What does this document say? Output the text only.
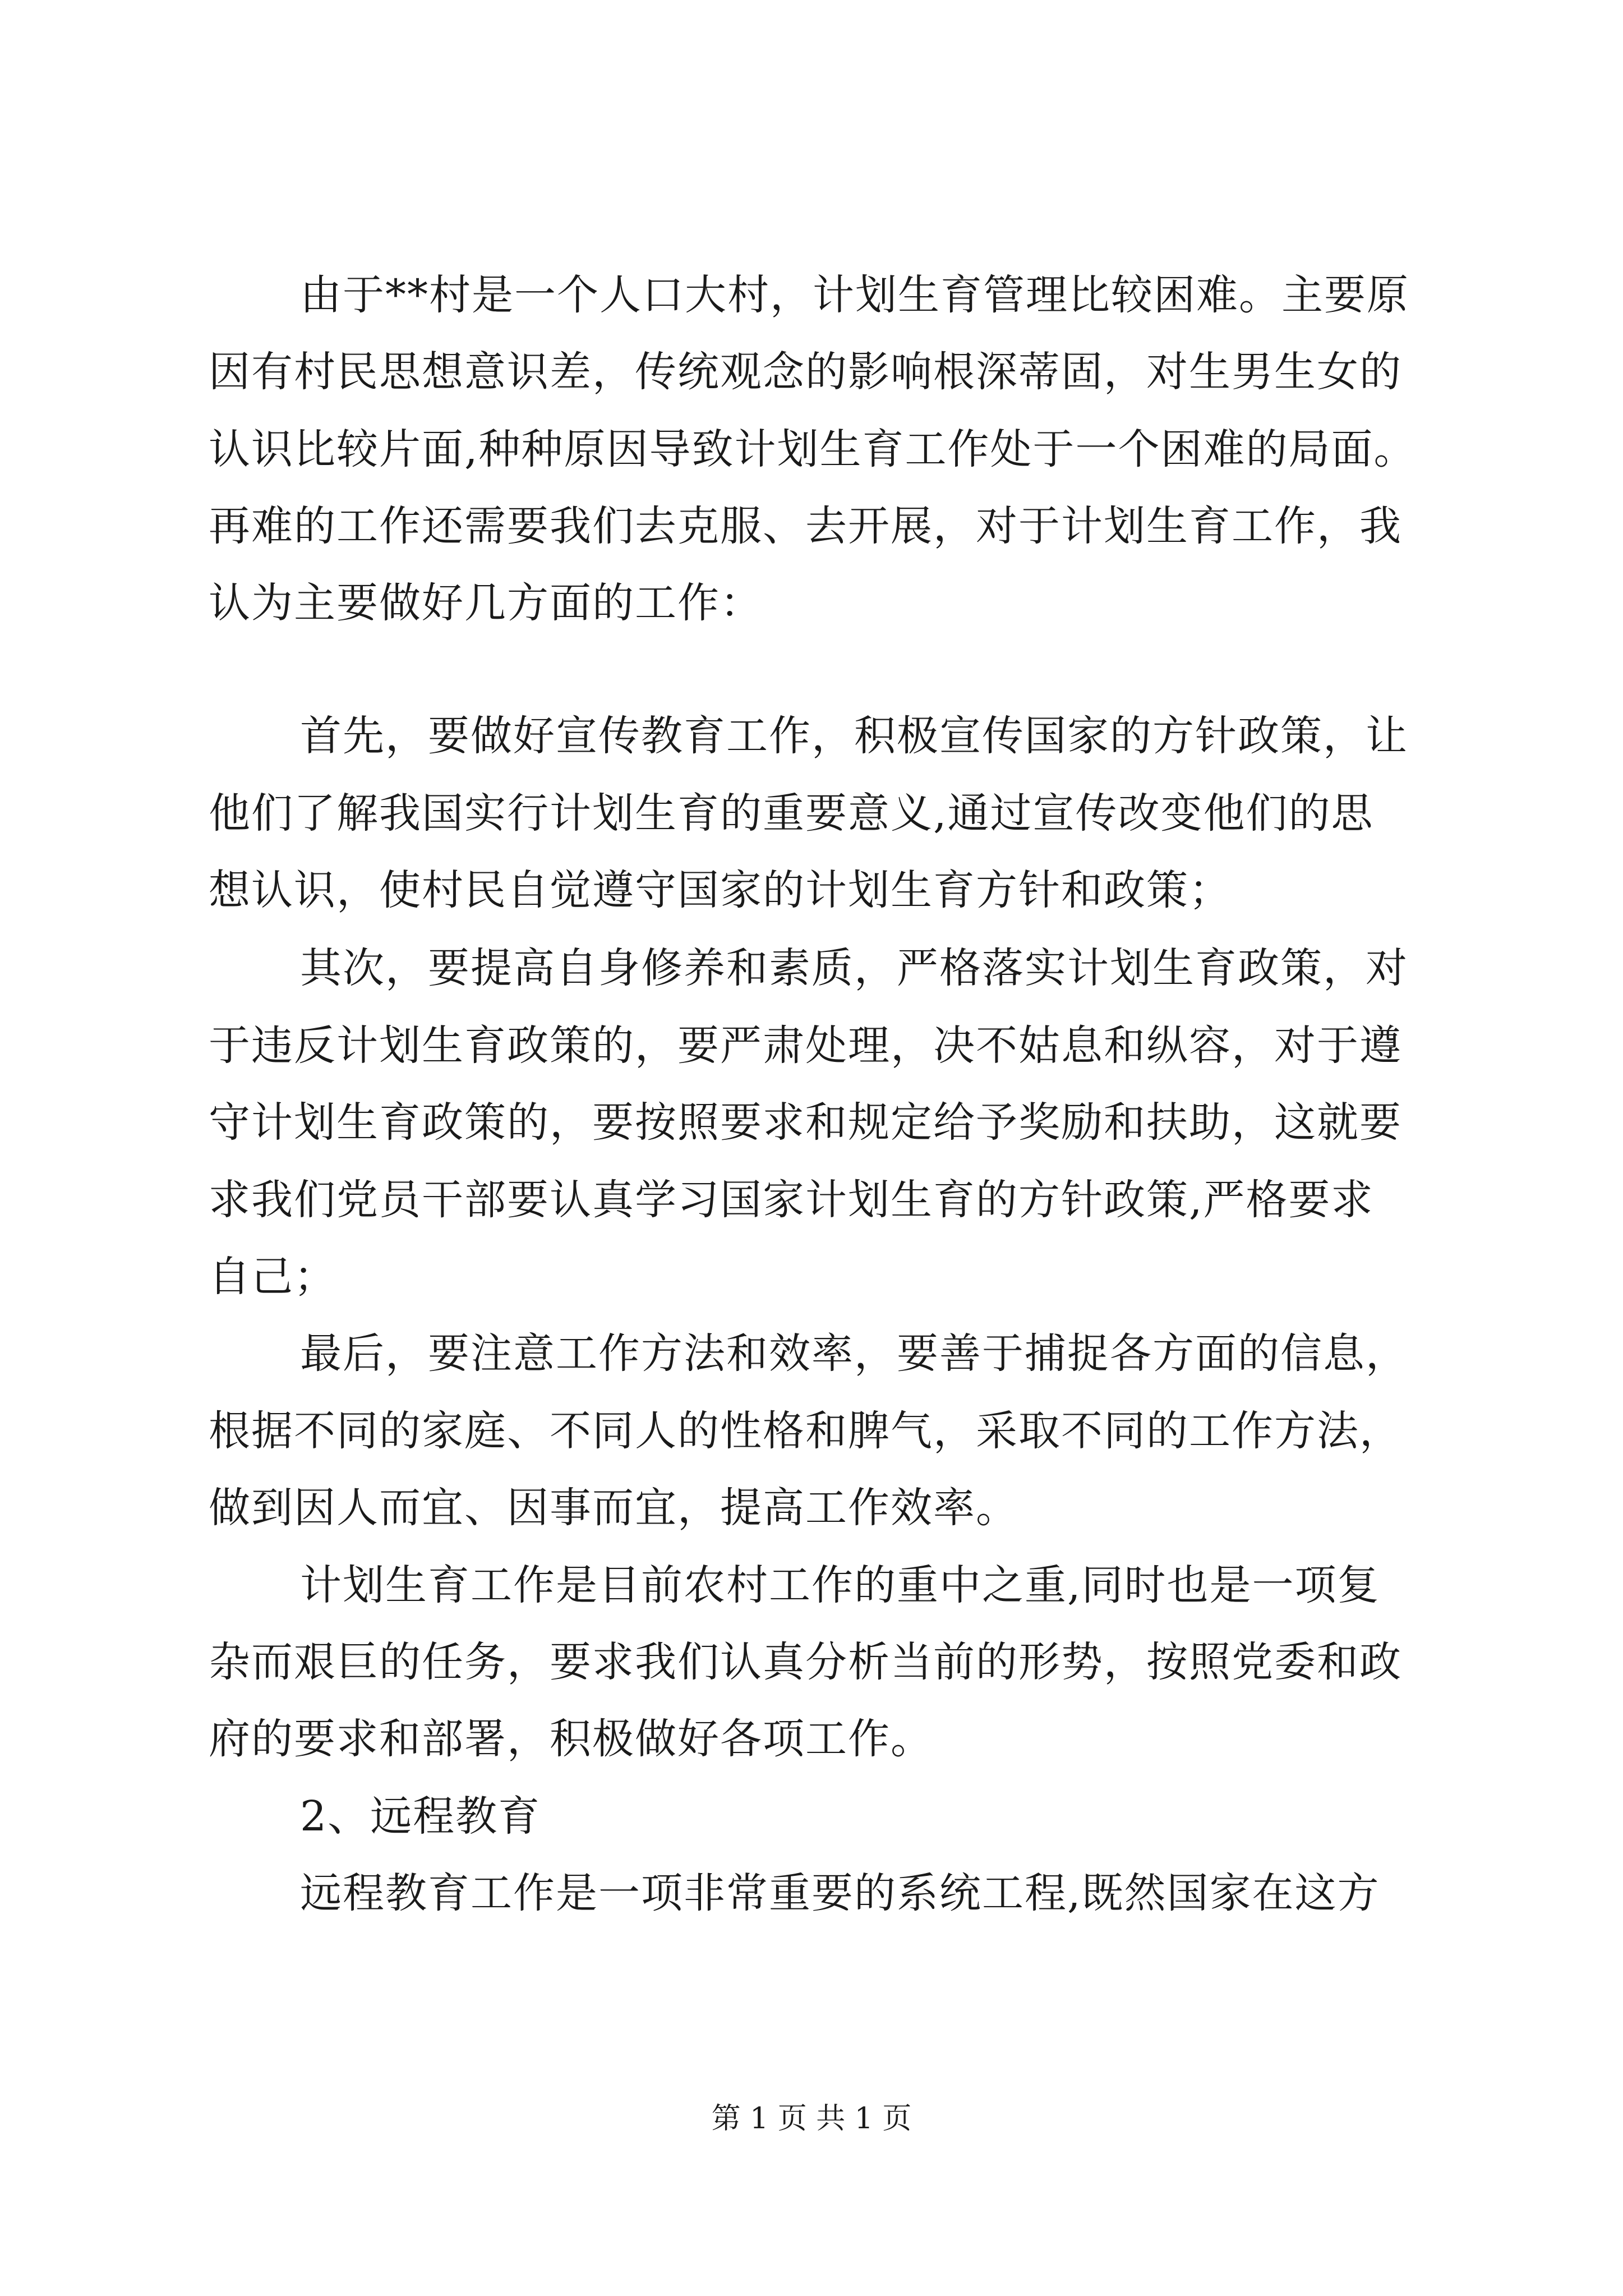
由于**村是一个人口大村，计划生育管理比较困难。主要原
因有村民思想意识差，传统观念的影响根深蒂固，对生男生女的
认识比较片面,种种原因导致计划生育工作处于一个困难的局面。
再难的工作还需要我们去克服、去开展，对于计划生育工作，我
认为主要做好几方面的工作：
首先，要做好宣传教育工作，积极宣传国家的方针政策，让
他们了解我国实行计划生育的重要意义,通过宣传改变他们的思
想认识，使村民自觉遵守国家的计划生育方针和政策；
其次，要提高自身修养和素质，严格落实计划生育政策，对
于违反计划生育政策的，要严肃处理，决不姑息和纵容，对于遵
守计划生育政策的，要按照要求和规定给予奖励和扶助，这就要
求我们党员干部要认真学习国家计划生育的方针政策,严格要求
自己；
最后，要注意工作方法和效率，要善于捕捉各方面的信息，
根据不同的家庭、不同人的性格和脾气，采取不同的工作方法，
做到因人而宜、因事而宜，提高工作效率。
计划生育工作是目前农村工作的重中之重,同时也是一项复
杂而艰巨的任务，要求我们认真分析当前的形势，按照党委和政
府的要求和部署，积极做好各项工作。
2、远程教育
远程教育工作是一项非常重要的系统工程,既然国家在这方
第 1 页 共 1 页
